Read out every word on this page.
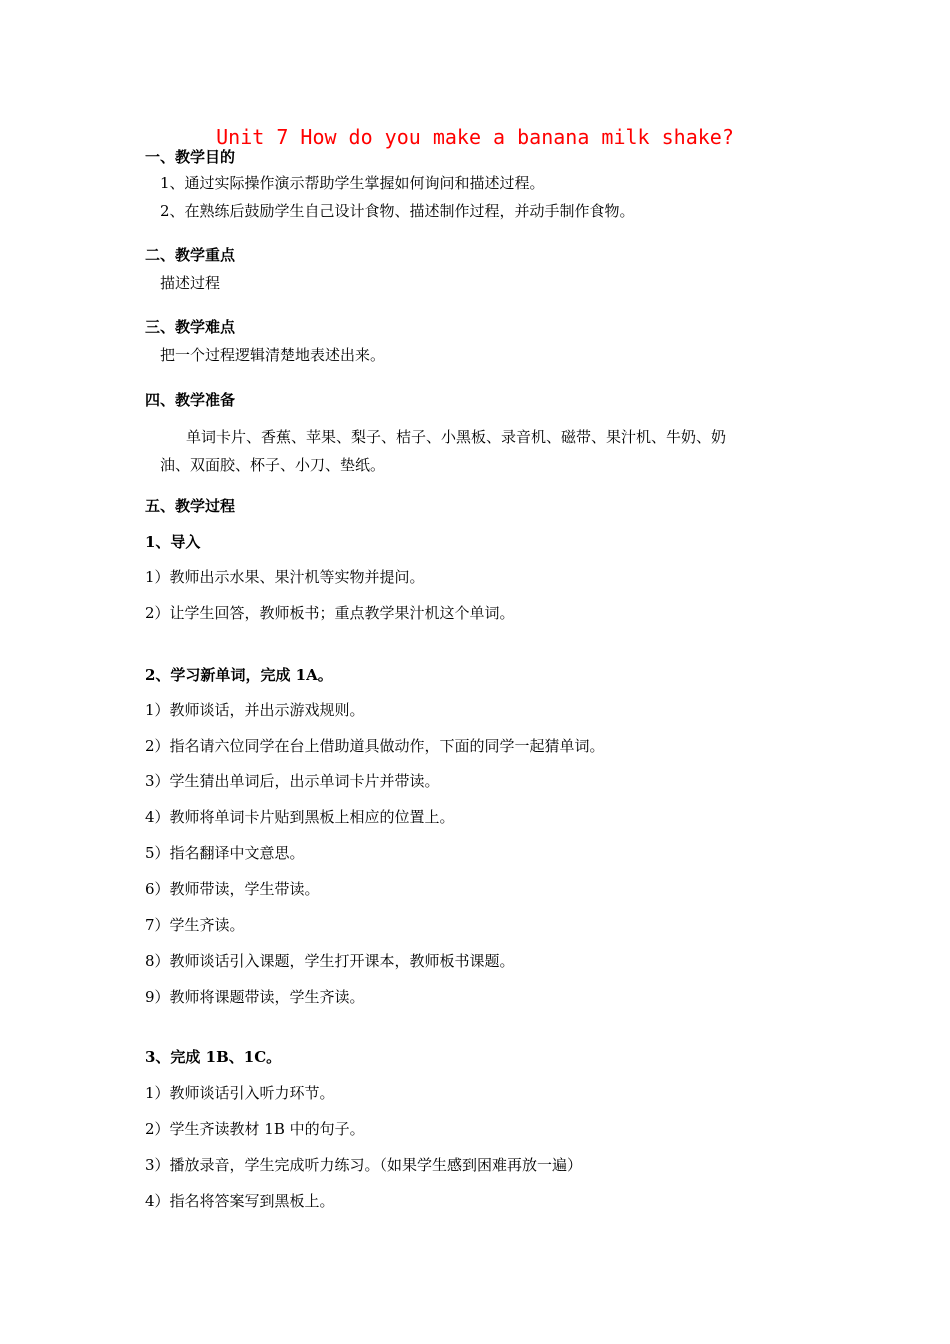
Unit 7 How do you make a banana milk shake?
一、教学目的
1、通过实际操作演示帮助学生掌握如何询问和描述过程。
2、在熟练后鼓励学生自己设计食物、描述制作过程，并动手制作食物。
二、教学重点
描述过程
三、教学难点
把一个过程逻辑清楚地表述出来。
四、教学准备
单词卡片、香蕉、苹果、梨子、桔子、小黑板、录音机、磁带、果汁机、牛奶、奶
油、双面胶、杯子、小刀、垫纸。
五、教学过程
1、导入
1）教师出示水果、果汁机等实物并提问。
2）让学生回答，教师板书；重点教学果汁机这个单词。
2、学习新单词，完成 1A。
1）教师谈话，并出示游戏规则。
2）指名请六位同学在台上借助道具做动作，下面的同学一起猜单词。
3）学生猜出单词后，出示单词卡片并带读。
4）教师将单词卡片贴到黑板上相应的位置上。
5）指名翻译中文意思。
6）教师带读，学生带读。
7）学生齐读。
8）教师谈话引入课题，学生打开课本，教师板书课题。
9）教师将课题带读，学生齐读。
3、完成 1B、1C。
1）教师谈话引入听力环节。
2）学生齐读教材 1B 中的句子。
3）播放录音，学生完成听力练习。（如果学生感到困难再放一遍）
4）指名将答案写到黑板上。
